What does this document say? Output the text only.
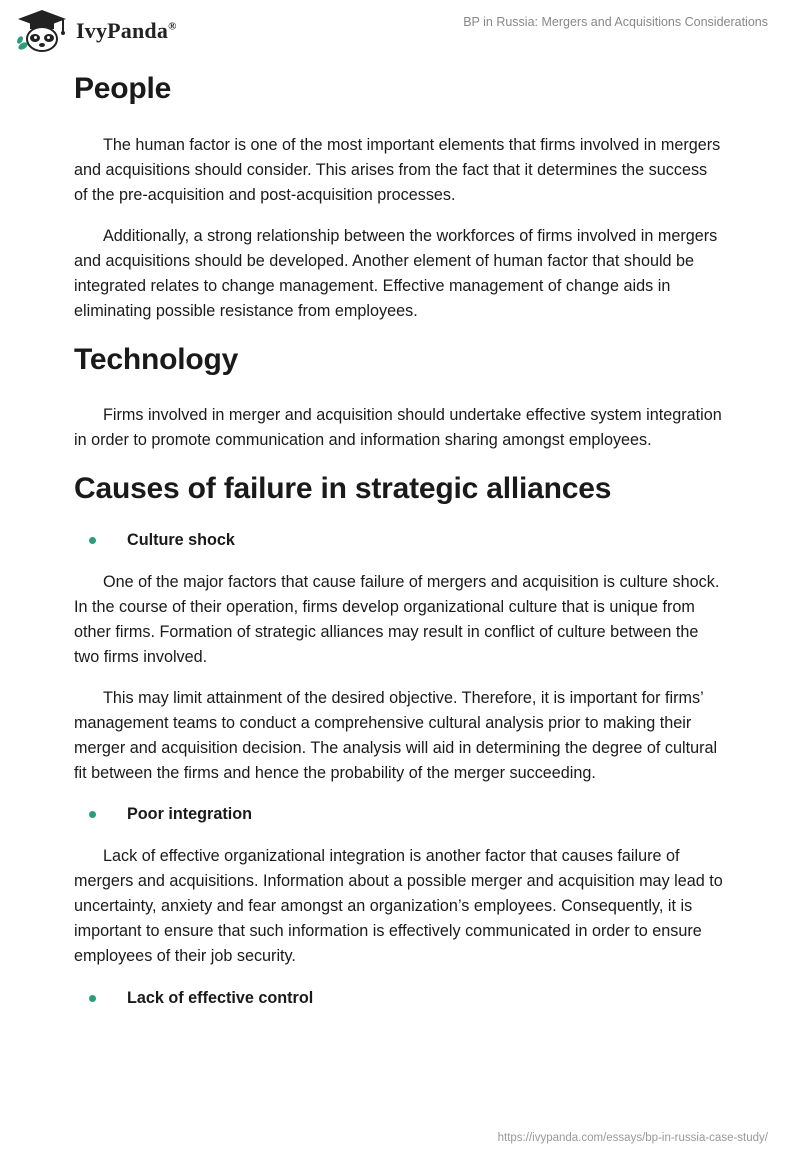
IvyPanda®	BP in Russia: Mergers and Acquisitions Considerations
People

The human factor is one of the most important elements that firms involved in mergers and acquisitions should consider. This arises from the fact that it determines the success of the pre-acquisition and post-acquisition processes.

Additionally, a strong relationship between the workforces of firms involved in mergers and acquisitions should be developed. Another element of human factor that should be integrated relates to change management. Effective management of change aids in eliminating possible resistance from employees.

Technology

Firms involved in merger and acquisition should undertake effective system integration in order to promote communication and information sharing amongst employees.

Causes of failure in strategic alliances
Culture shock

One of the major factors that cause failure of mergers and acquisition is culture shock. In the course of their operation, firms develop organizational culture that is unique from other firms. Formation of strategic alliances may result in conflict of culture between the two firms involved.

This may limit attainment of the desired objective. Therefore, it is important for firms’ management teams to conduct a comprehensive cultural analysis prior to making their merger and acquisition decision. The analysis will aid in determining the degree of cultural fit between the firms and hence the probability of the merger succeeding.

Poor integration

Lack of effective organizational integration is another factor that causes failure of mergers and acquisitions. Information about a possible merger and acquisition may lead to uncertainty, anxiety and fear amongst an organization’s employees. Consequently, it is important to ensure that such information is effectively communicated in order to ensure employees of their job security.

Lack of effective control
https://ivypanda.com/essays/bp-in-russia-case-study/
